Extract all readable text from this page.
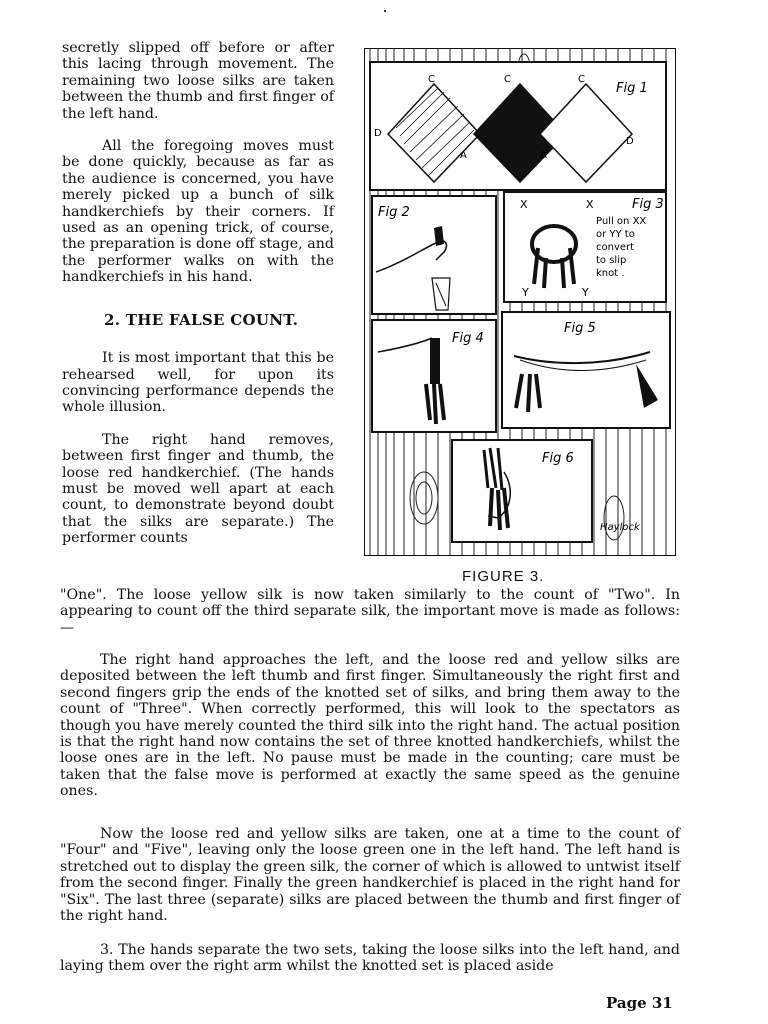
secretly slipped off before or after this lacing through movement. The remaining two loose silks are taken between the thumb and first finger of the left hand.

All the foregoing moves must be done quickly, because as far as the audience is concerned, you have merely picked up a bunch of silk handkerchiefs by their corners. If used as an opening trick, of course, the preparation is done off stage, and the performer walks on with the handkerchiefs in his hand.

2. THE FALSE COUNT.

It is most important that this be rehearsed well, for upon its convincing performance depends the whole illusion.

The right hand removes, between first finger and thumb, the loose red handkerchief. (The hands must be moved well apart at each count, to demonstrate beyond doubt that the silks are separate.) The performer counts

C	C	C
D
D
A	A
Fig 1
Fig 2
Fig 3
X	X
Y	Y
Pull on XX
or YY to
convert
to slip
knot .
Fig 4
Fig 5
Fig 6
Haylock
FIGURE 3.

"One". The loose yellow silk is now taken similarly to the count of "Two". In appearing to count off the third separate silk, the important move is made as follows:—

The right hand approaches the left, and the loose red and yellow silks are deposited between the left thumb and first finger. Simultaneously the right first and second fingers grip the ends of the knotted set of silks, and bring them away to the count of "Three". When correctly performed, this will look to the spectators as though you have merely counted the third silk into the right hand. The actual position is that the right hand now contains the set of three knotted handkerchiefs, whilst the loose ones are in the left. No pause must be made in the counting; care must be taken that the false move is performed at exactly the same speed as the genuine ones.

Now the loose red and yellow silks are taken, one at a time to the count of "Four" and "Five", leaving only the loose green one in the left hand. The left hand is stretched out to display the green silk, the corner of which is allowed to untwist itself from the second finger. Finally the green handkerchief is placed in the right hand for "Six". The last three (separate) silks are placed between the thumb and first finger of the right hand.

3. The hands separate the two sets, taking the loose silks into the left hand, and laying them over the right arm whilst the knotted set is placed aside

Page 31
